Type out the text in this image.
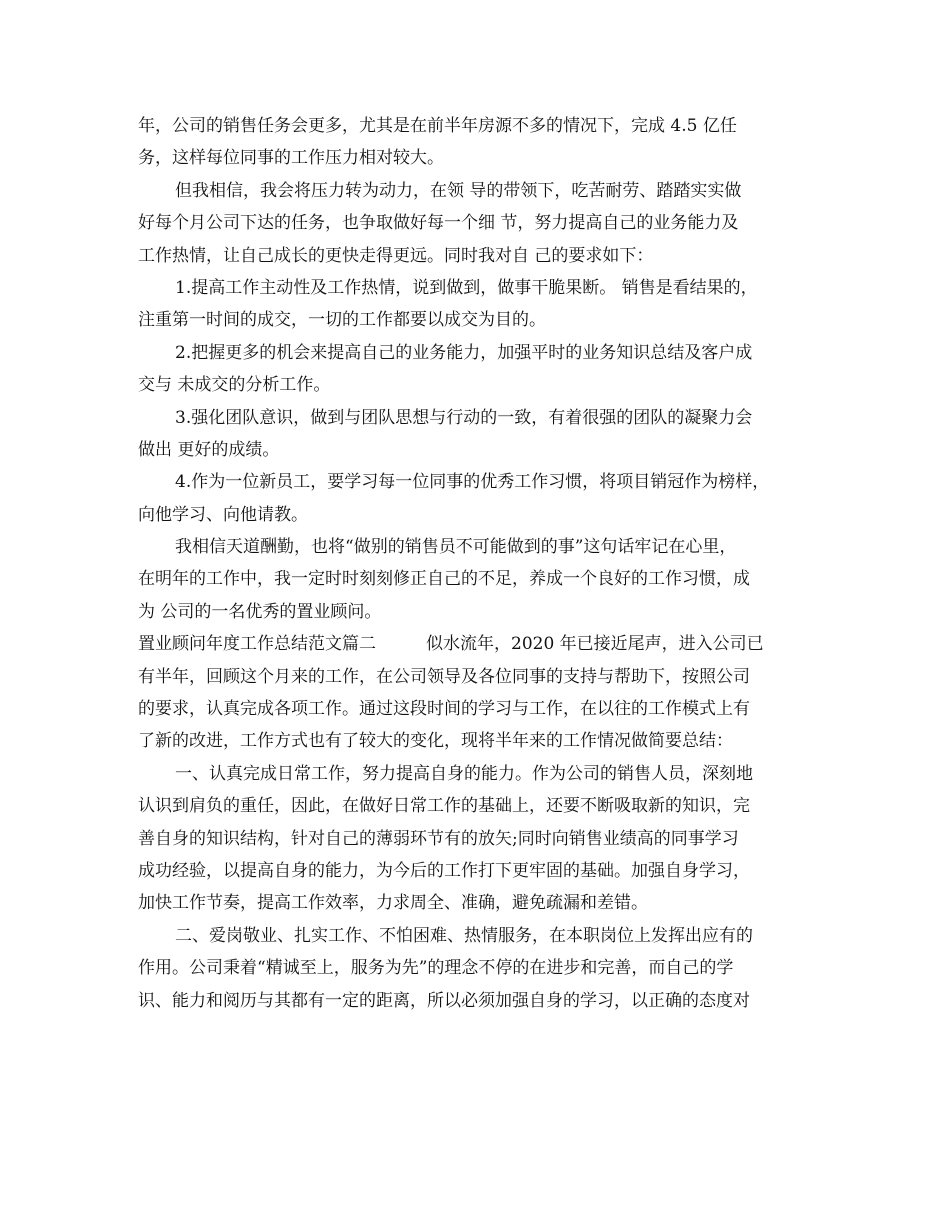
年，公司的销售任务会更多，尤其是在前半年房源不多的情况下，完成 4.5 亿任
务，这样每位同事的工作压力相对较大。
但我相信，我会将压力转为动力，在领 导的带领下，吃苦耐劳、踏踏实实做
好每个月公司下达的任务，也争取做好每一个细 节，努力提高自己的业务能力及
工作热情，让自己成长的更快走得更远。同时我对自 己的要求如下：
1.提高工作主动性及工作热情，说到做到，做事干脆果断。 销售是看结果的，
注重第一时间的成交，一切的工作都要以成交为目的。
2.把握更多的机会来提高自己的业务能力，加强平时的业务知识总结及客户成
交与 未成交的分析工作。
3.强化团队意识，做到与团队思想与行动的一致，有着很强的团队的凝聚力会
做出 更好的成绩。
4.作为一位新员工，要学习每一位同事的优秀工作习惯，将项目销冠作为榜样，
向他学习、向他请教。
我相信天道酬勤，也将“做别的销售员不可能做到的事”这句话牢记在心里，
在明年的工作中，我一定时时刻刻修正自己的不足，养成一个良好的工作习惯，成
为 公司的一名优秀的置业顾问。
置业顾问年度工作总结范文篇二	似水流年，2020 年已接近尾声，进入公司已
有半年，回顾这个月来的工作，在公司领导及各位同事的支持与帮助下，按照公司
的要求，认真完成各项工作。通过这段时间的学习与工作，在以往的工作模式上有
了新的改进，工作方式也有了较大的变化，现将半年来的工作情况做简要总结：
一、认真完成日常工作，努力提高自身的能力。作为公司的销售人员，深刻地
认识到肩负的重任，因此，在做好日常工作的基础上，还要不断吸取新的知识，完
善自身的知识结构，针对自己的薄弱环节有的放矢;同时向销售业绩高的同事学习
成功经验，以提高自身的能力，为今后的工作打下更牢固的基础。加强自身学习，
加快工作节奏，提高工作效率，力求周全、准确，避免疏漏和差错。
二、爱岗敬业、扎实工作、不怕困难、热情服务，在本职岗位上发挥出应有的
作用。公司秉着“精诚至上，服务为先”的理念不停的在进步和完善，而自己的学
识、能力和阅历与其都有一定的距离，所以必须加强自身的学习，以正确的态度对
